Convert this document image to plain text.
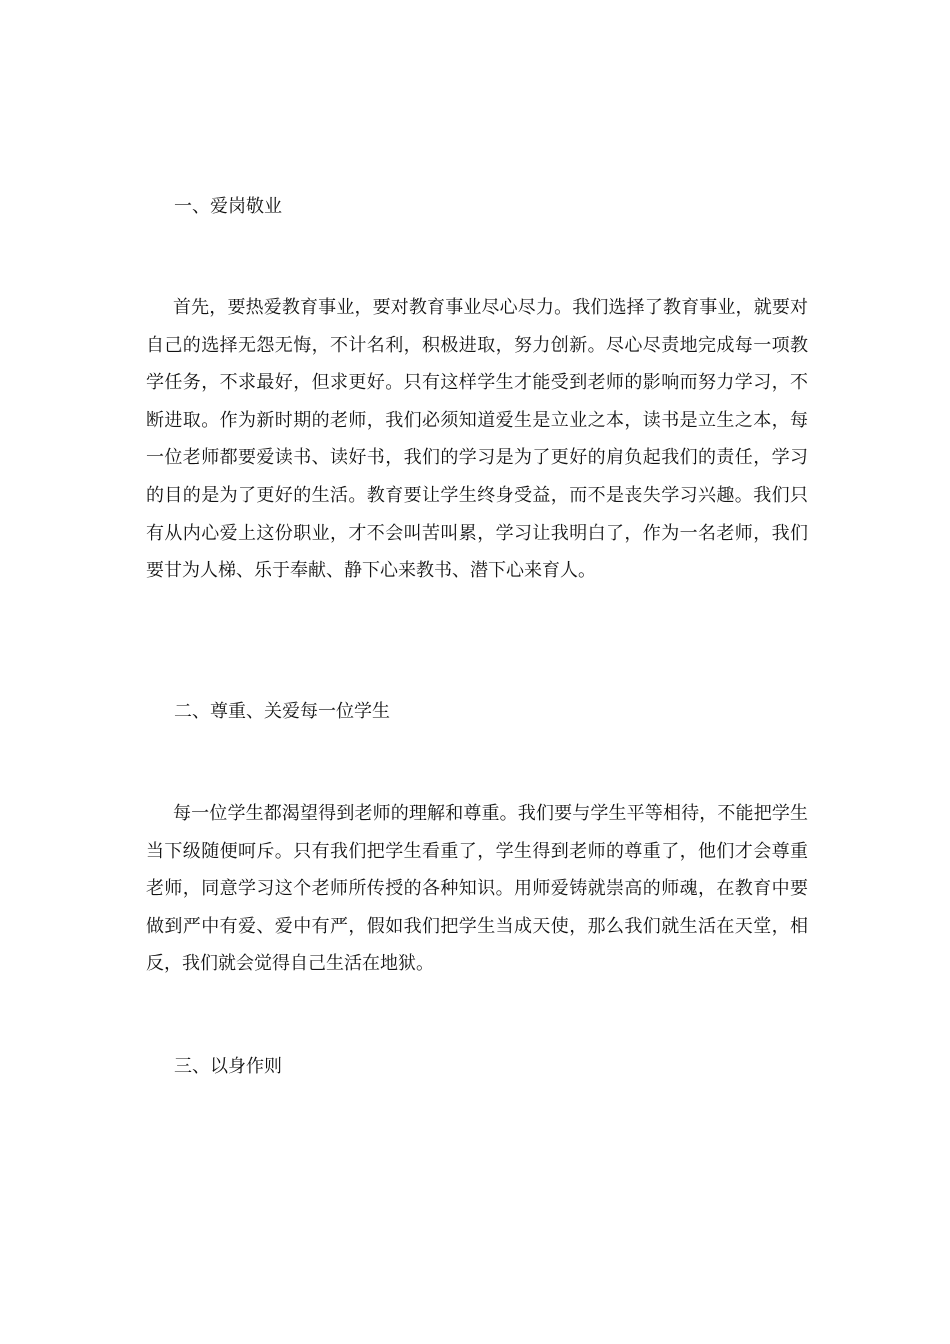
一、爱岗敬业

首先，要热爱教育事业，要对教育事业尽心尽力。我们选择了教育事业，就要对自己的选择无怨无悔，不计名利，积极进取，努力创新。尽心尽责地完成每一项教学任务，不求最好，但求更好。只有这样学生才能受到老师的影响而努力学习，不断进取。作为新时期的老师，我们必须知道爱生是立业之本，读书是立生之本，每一位老师都要爱读书、读好书，我们的学习是为了更好的肩负起我们的责任，学习的目的是为了更好的生活。教育要让学生终身受益，而不是丧失学习兴趣。我们只有从内心爱上这份职业，才不会叫苦叫累，学习让我明白了，作为一名老师，我们要甘为人梯、乐于奉献、静下心来教书、潜下心来育人。

二、尊重、关爱每一位学生

每一位学生都渴望得到老师的理解和尊重。我们要与学生平等相待，不能把学生当下级随便呵斥。只有我们把学生看重了，学生得到老师的尊重了，他们才会尊重老师，同意学习这个老师所传授的各种知识。用师爱铸就崇高的师魂，在教育中要做到严中有爱、爱中有严，假如我们把学生当成天使，那么我们就生活在天堂，相反，我们就会觉得自己生活在地狱。

三、以身作则
